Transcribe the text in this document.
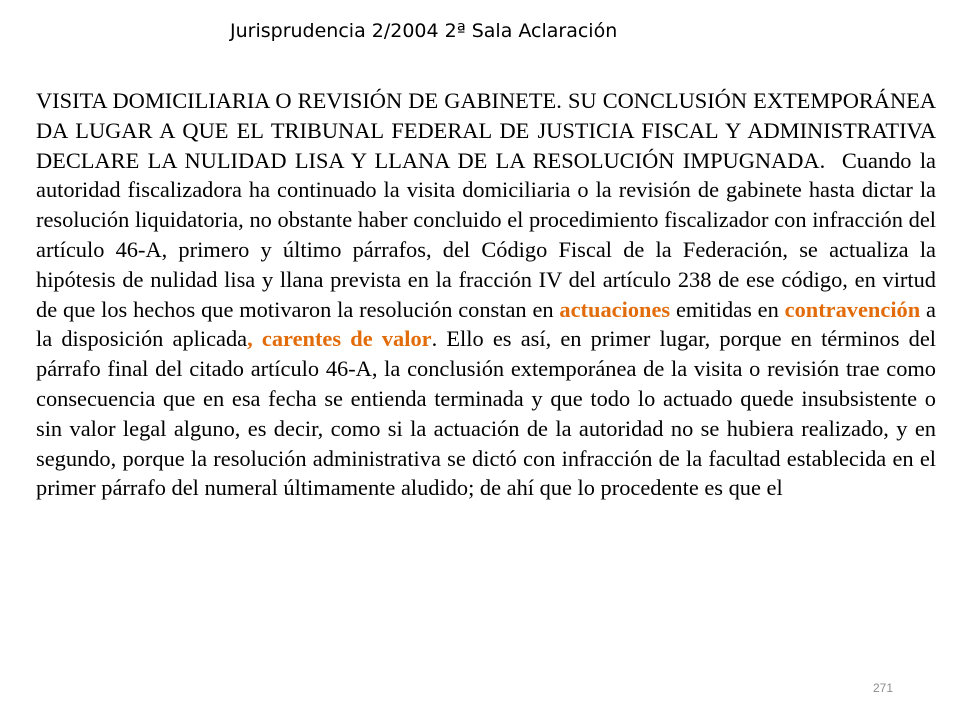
Jurisprudencia 2/2004 2ª Sala Aclaración

VISITA DOMICILIARIA O REVISIÓN DE GABINETE. SU CONCLUSIÓN EXTEMPORÁNEA DA LUGAR A QUE EL TRIBUNAL FEDERAL DE JUSTICIA FISCAL Y ADMINISTRATIVA DECLARE LA NULIDAD LISA Y LLANA DE LA RESOLUCIÓN IMPUGNADA. Cuando la autoridad fiscalizadora ha continuado la visita domiciliaria o la revisión de gabinete hasta dictar la resolución liquidatoria, no obstante haber concluido el procedimiento fiscalizador con infracción del artículo 46-A, primero y último párrafos, del Código Fiscal de la Federación, se actualiza la hipótesis de nulidad lisa y llana prevista en la fracción IV del artículo 238 de ese código, en virtud de que los hechos que motivaron la resolución constan en actuaciones emitidas en contravención a la disposición aplicada, carentes de valor. Ello es así, en primer lugar, porque en términos del párrafo final del citado artículo 46-A, la conclusión extemporánea de la visita o revisión trae como consecuencia que en esa fecha se entienda terminada y que todo lo actuado quede insubsistente o sin valor legal alguno, es decir, como si la actuación de la autoridad no se hubiera realizado, y en segundo, porque la resolución administrativa se dictó con infracción de la facultad establecida en el primer párrafo del numeral últimamente aludido; de ahí que lo procedente es que el

271
